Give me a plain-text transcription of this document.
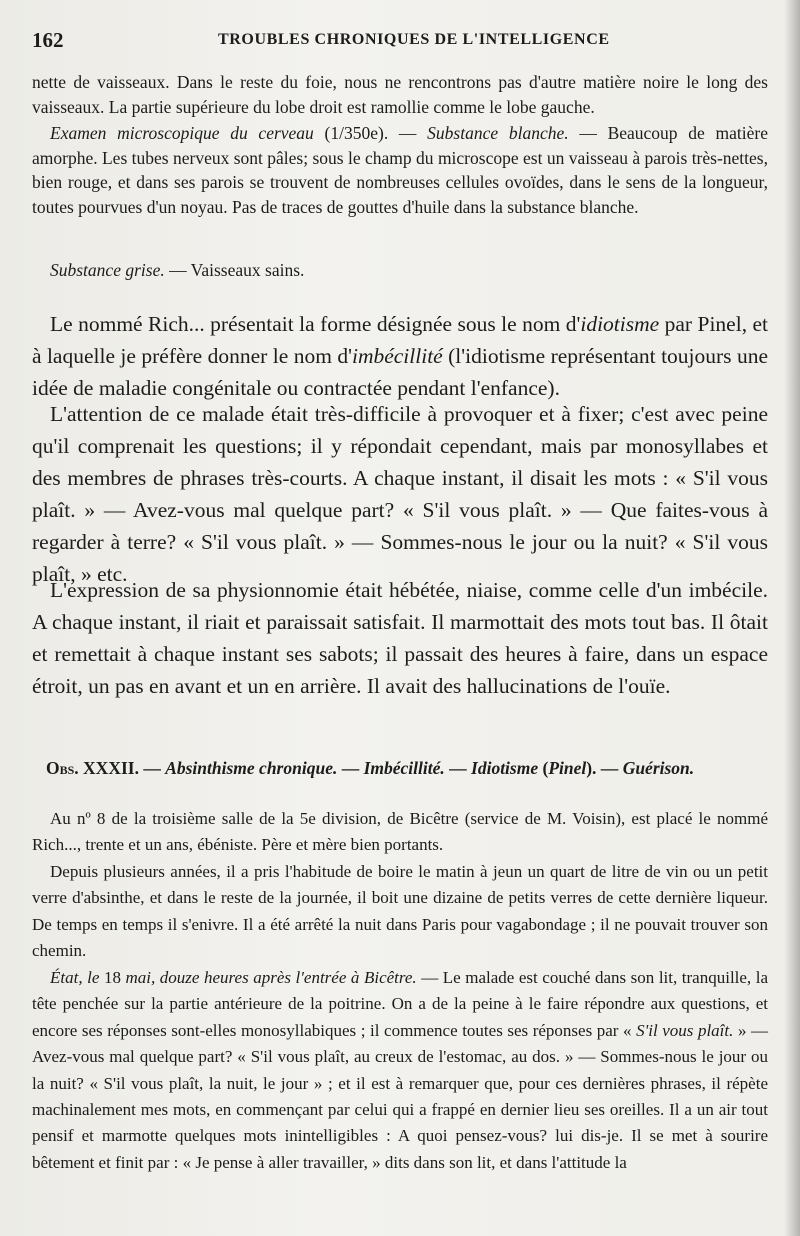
162	TROUBLES CHRONIQUES DE L'INTELLIGENCE

nette de vaisseaux. Dans le reste du foie, nous ne rencontrons pas d'autre matière noire le long des vaisseaux. La partie supérieure du lobe droit est ramollie comme le lobe gauche.

Examen microscopique du cerveau (1/350e). — Substance blanche. — Beaucoup de matière amorphe. Les tubes nerveux sont pâles; sous le champ du microscope est un vaisseau à parois très-nettes, bien rouge, et dans ses parois se trouvent de nombreuses cellules ovoïdes, dans le sens de la longueur, toutes pourvues d'un noyau. Pas de traces de gouttes d'huile dans la substance blanche.

Substance grise. — Vaisseaux sains.

Le nommé Rich... présentait la forme désignée sous le nom d'idiotisme par Pinel, et à laquelle je préfère donner le nom d'imbécillité (l'idiotisme représentant toujours une idée de maladie congénitale ou contractée pendant l'enfance).

L'attention de ce malade était très-difficile à provoquer et à fixer; c'est avec peine qu'il comprenait les questions; il y répondait cependant, mais par monosyllabes et des membres de phrases très-courts. A chaque instant, il disait les mots : « S'il vous plaît. » — Avez-vous mal quelque part? « S'il vous plaît. » — Que faites-vous à regarder à terre? « S'il vous plaît. » — Sommes-nous le jour ou la nuit? « S'il vous plaît, » etc.

L'expression de sa physionnomie était hébétée, niaise, comme celle d'un imbécile. A chaque instant, il riait et paraissait satisfait. Il marmottait des mots tout bas. Il ôtait et remettait à chaque instant ses sabots; il passait des heures à faire, dans un espace étroit, un pas en avant et un en arrière. Il avait des hallucinations de l'ouïe.

Obs. XXXII. — Absinthisme chronique. — Imbécillité. — Idiotisme (Pinel). — Guérison.

Au nº 8 de la troisième salle de la 5e division, de Bicêtre (service de M. Voisin), est placé le nommé Rich..., trente et un ans, ébéniste. Père et mère bien portants.

Depuis plusieurs années, il a pris l'habitude de boire le matin à jeun un quart de litre de vin ou un petit verre d'absinthe, et dans le reste de la journée, il boit une dizaine de petits verres de cette dernière liqueur. De temps en temps il s'enivre. Il a été arrêté la nuit dans Paris pour vagabondage ; il ne pouvait trouver son chemin.

État, le 18 mai, douze heures après l'entrée à Bicêtre. — Le malade est couché dans son lit, tranquille, la tête penchée sur la partie antérieure de la poitrine. On a de la peine à le faire répondre aux questions, et encore ses réponses sont-elles monosyllabiques ; il commence toutes ses réponses par « S'il vous plaît. » — Avez-vous mal quelque part? « S'il vous plaît, au creux de l'estomac, au dos. » — Sommes-nous le jour ou la nuit? « S'il vous plaît, la nuit, le jour » ; et il est à remarquer que, pour ces dernières phrases, il répète machinalement mes mots, en commençant par celui qui a frappé en dernier lieu ses oreilles. Il a un air tout pensif et marmotte quelques mots inintelligibles : A quoi pensez-vous? lui dis-je. Il se met à sourire bêtement et finit par : « Je pense à aller travailler, » dits dans son lit, et dans l'attitude la
